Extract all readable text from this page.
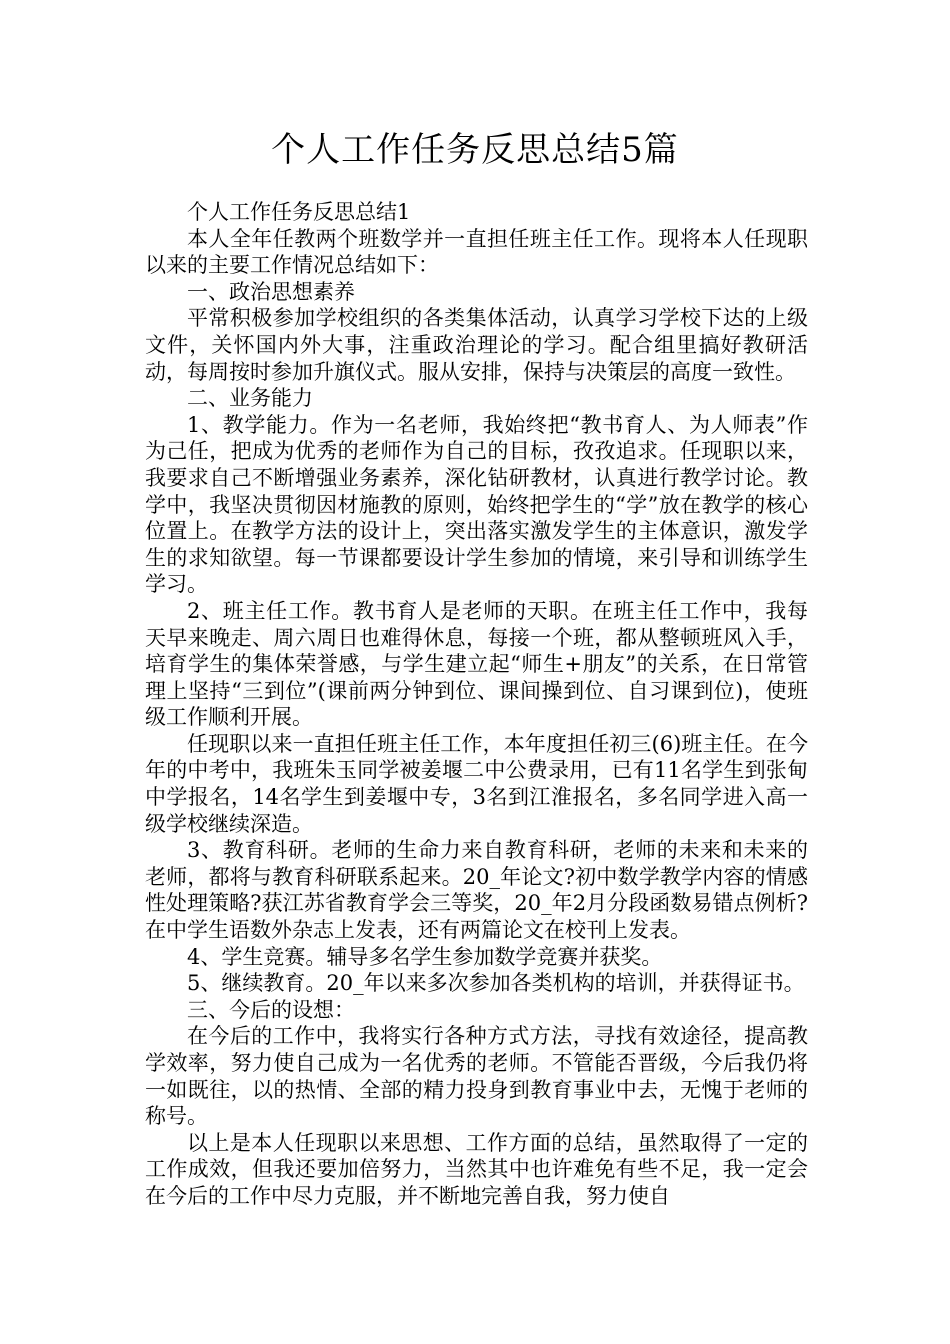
个人工作任务反思总结5篇

个人工作任务反思总结1

本人全年任教两个班数学并一直担任班主任工作。现将本人任现职以来的主要工作情况总结如下：

一、政治思想素养

平常积极参加学校组织的各类集体活动，认真学习学校下达的上级文件，关怀国内外大事，注重政治理论的学习。配合组里搞好教研活动，每周按时参加升旗仪式。服从安排，保持与决策层的高度一致性。

二、业务能力

1、教学能力。作为一名老师，我始终把“教书育人、为人师表”作为己任，把成为优秀的老师作为自己的目标，孜孜追求。任现职以来，我要求自己不断增强业务素养，深化钻研教材，认真进行教学讨论。教学中，我坚决贯彻因材施教的原则，始终把学生的“学”放在教学的核心位置上。在教学方法的设计上，突出落实激发学生的主体意识，激发学生的求知欲望。每一节课都要设计学生参加的情境，来引导和训练学生学习。

2、班主任工作。教书育人是老师的天职。在班主任工作中，我每天早来晚走、周六周日也难得休息，每接一个班，都从整顿班风入手，培育学生的集体荣誉感，与学生建立起“师生+朋友”的关系，在日常管理上坚持“三到位”(课前两分钟到位、课间操到位、自习课到位)，使班级工作顺利开展。

任现职以来一直担任班主任工作，本年度担任初三(6)班主任。在今年的中考中，我班朱玉同学被姜堰二中公费录用，已有11名学生到张甸中学报名，14名学生到姜堰中专，3名到江淮报名，多名同学进入高一级学校继续深造。

3、教育科研。老师的生命力来自教育科研，老师的未来和未来的老师，都将与教育科研联系起来。20_年论文?初中数学教学内容的情感性处理策略?获江苏省教育学会三等奖，20_年2月分段函数易错点例析?在中学生语数外杂志上发表，还有两篇论文在校刊上发表。

4、学生竞赛。辅导多名学生参加数学竞赛并获奖。

5、继续教育。20_年以来多次参加各类机构的培训，并获得证书。

三、今后的设想：

在今后的工作中，我将实行各种方式方法，寻找有效途径，提高教学效率，努力使自己成为一名优秀的老师。不管能否晋级，今后我仍将一如既往，以的热情、全部的精力投身到教育事业中去，无愧于老师的称号。

以上是本人任现职以来思想、工作方面的总结，虽然取得了一定的工作成效，但我还要加倍努力，当然其中也许难免有些不足，我一定会在今后的工作中尽力克服，并不断地完善自我，努力使自
